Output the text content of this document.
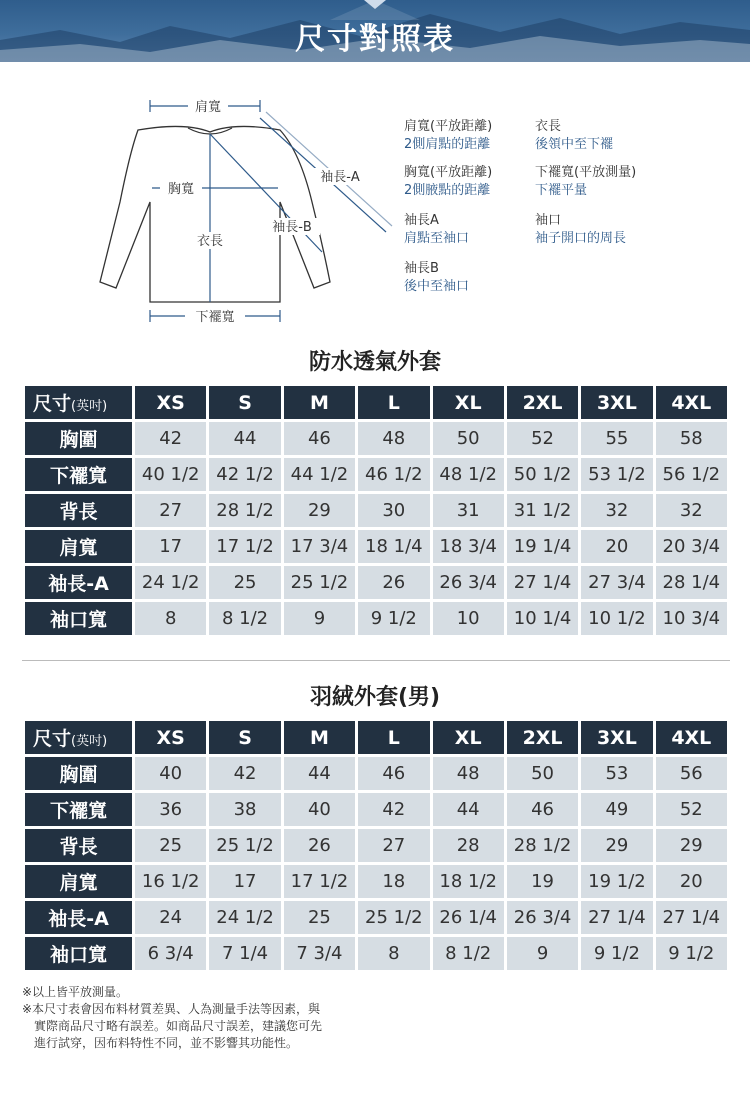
尺寸對照表
肩寬
胸寬
衣長
袖長-A
袖長-B
下襬寬
肩寬(平放距離)
2側肩點的距離
衣長
後領中至下襬
胸寬(平放距離)
2側腋點的距離
下襬寬(平放測量)
下襬平量
袖長A
肩點至袖口
袖口
袖子開口的周長
袖長B
後中至袖口
防水透氣外套
尺寸(英吋)	XS	S	M	L	XL	2XL	3XL	4XL
胸圍	42	44	46	48	50	52	55	58
下襬寬	40 1/2	42 1/2	44 1/2	46 1/2	48 1/2	50 1/2	53 1/2	56 1/2
背長	27	28 1/2	29	30	31	31 1/2	32	32
肩寬	17	17 1/2	17 3/4	18 1/4	18 3/4	19 1/4	20	20 3/4
袖長-A	24 1/2	25	25 1/2	26	26 3/4	27 1/4	27 3/4	28 1/4
袖口寬	8	8 1/2	9	9 1/2	10	10 1/4	10 1/2	10 3/4
羽絨外套(男)
尺寸(英吋)	XS	S	M	L	XL	2XL	3XL	4XL
胸圍	40	42	44	46	48	50	53	56
下襬寬	36	38	40	42	44	46	49	52
背長	25	25 1/2	26	27	28	28 1/2	29	29
肩寬	16 1/2	17	17 1/2	18	18 1/2	19	19 1/2	20
袖長-A	24	24 1/2	25	25 1/2	26 1/4	26 3/4	27 1/4	27 1/4
袖口寬	6 3/4	7 1/4	7 3/4	8	8 1/2	9	9 1/2	9 1/2
※以上皆平放測量。
※本尺寸表會因布料材質差異、人為測量手法等因素，與
實際商品尺寸略有誤差。如商品尺寸誤差，建議您可先
進行試穿，因布料特性不同，並不影響其功能性。
